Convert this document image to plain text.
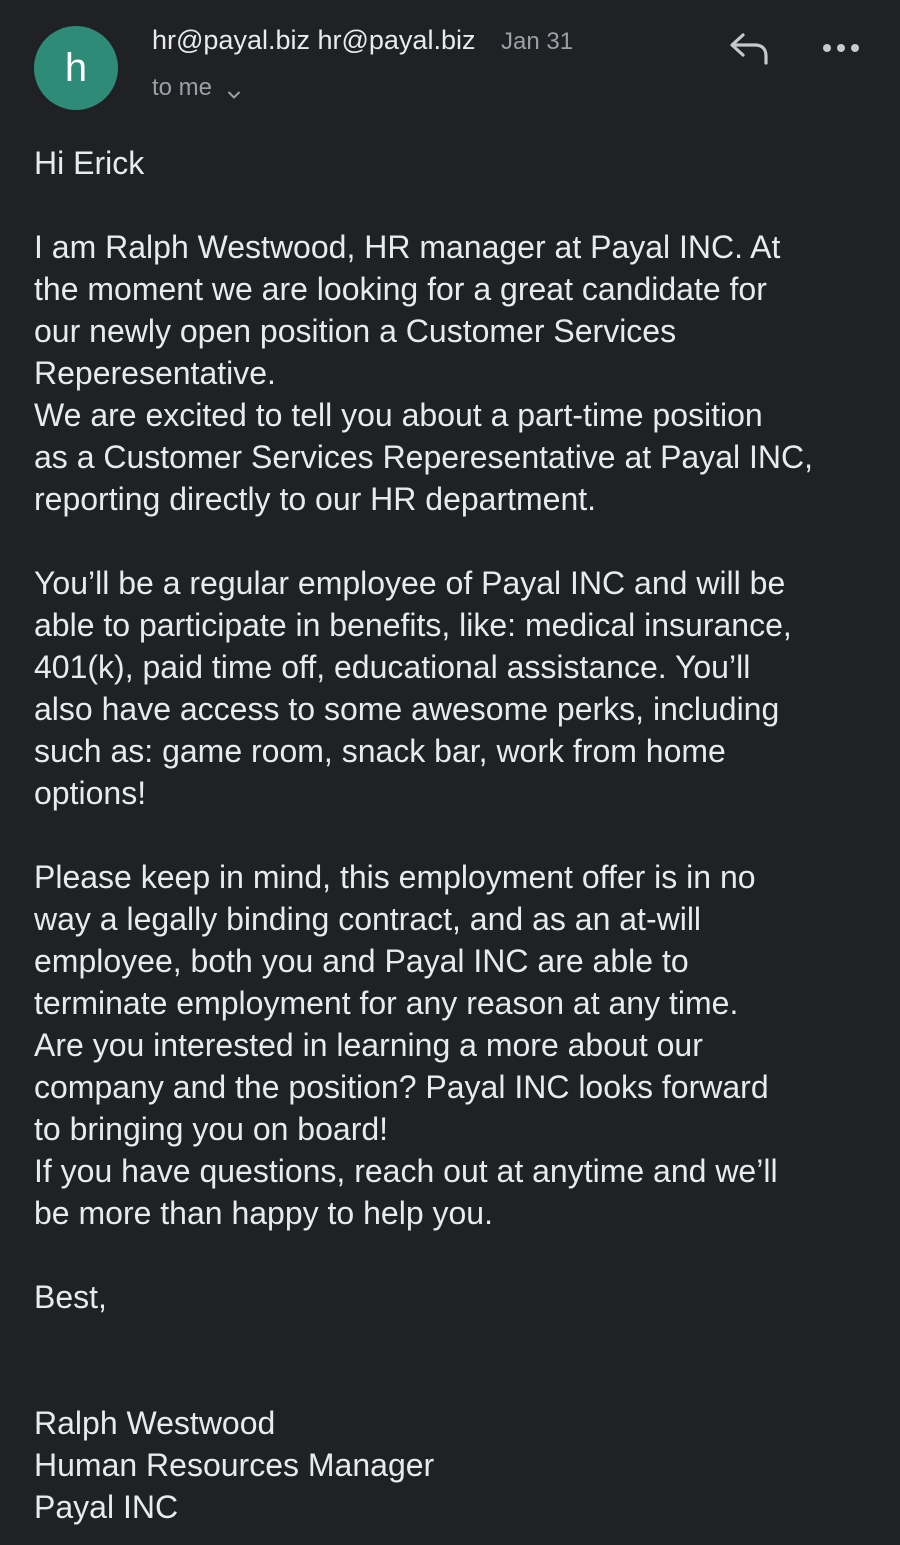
h
hr@payal.biz hr@payal.biz Jan 31
to me
Hi Erick
I am Ralph Westwood, HR manager at Payal INC. At
the moment we are looking for a great candidate for
our newly open position a Customer Services
Reperesentative.
We are excited to tell you about a part-time position
as a Customer Services Reperesentative at Payal INC,
reporting directly to our HR department.
You’ll be a regular employee of Payal INC and will be
able to participate in benefits, like: medical insurance,
401(k), paid time off, educational assistance. You’ll
also have access to some awesome perks, including
such as: game room, snack bar, work from home
options!
Please keep in mind, this employment offer is in no
way a legally binding contract, and as an at-will
employee, both you and Payal INC are able to
terminate employment for any reason at any time.
Are you interested in learning a more about our
company and the position? Payal INC looks forward
to bringing you on board!
If you have questions, reach out at anytime and we’ll
be more than happy to help you.
Best,
Ralph Westwood
Human Resources Manager
Payal INC
